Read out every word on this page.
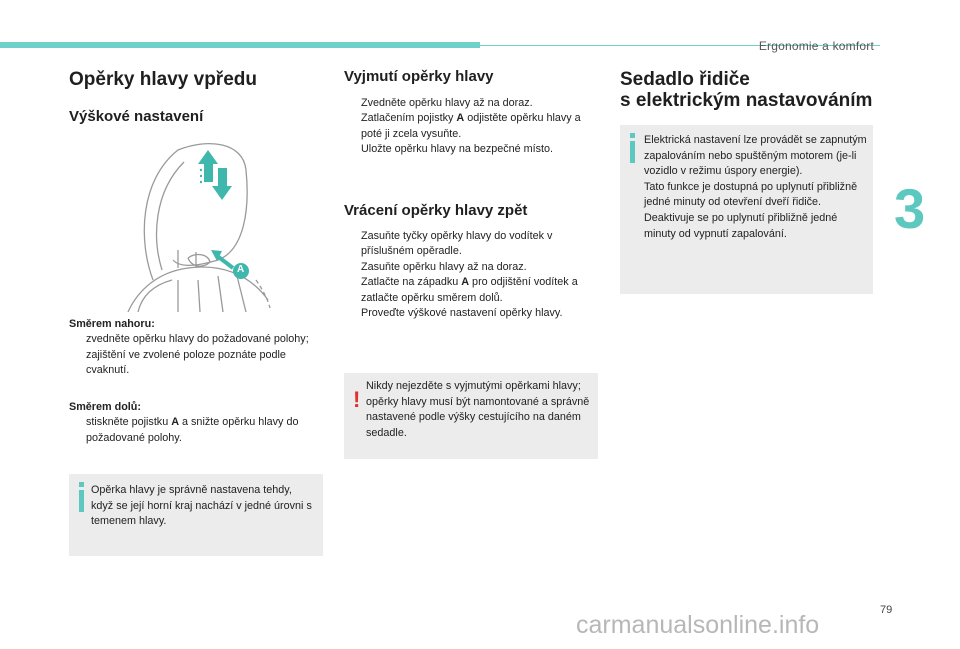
Ergonomie a komfort
3
Opěrky hlavy vpředu
Výškové nastavení
A
Směrem nahoru:
zvedněte opěrku hlavy do požadované polohy; zajištění ve zvolené poloze poznáte podle cvaknutí.
Směrem dolů:
stiskněte pojistku A a snižte opěrku hlavy do požadované polohy.
Opěrka hlavy je správně nastavena tehdy, když se její horní kraj nachází v jedné úrovni s temenem hlavy.
Vyjmutí opěrky hlavy
Zvedněte opěrku hlavy až na doraz.
Zatlačením pojistky A odjistěte opěrku hlavy a poté ji zcela vysuňte.
Uložte opěrku hlavy na bezpečné místo.
Vrácení opěrky hlavy zpět
Zasuňte tyčky opěrky hlavy do vodítek v příslušném opěradle.
Zasuňte opěrku hlavy až na doraz.
Zatlačte na západku A pro odjištění vodítek a zatlačte opěrku směrem dolů.
Proveďte výškové nastavení opěrky hlavy.
!
Nikdy nejezděte s vyjmutými opěrkami hlavy; opěrky hlavy musí být namontované a správně nastavené podle výšky cestujícího na daném sedadle.
Sedadlo řidiče
s elektrickým nastavováním
Elektrická nastavení lze provádět se zapnutým zapalováním nebo spuštěným motorem (je-li vozidlo v režimu úspory energie).
Tato funkce je dostupná po uplynutí přibližně jedné minuty od otevření dveří řidiče. Deaktivuje se po uplynutí přibližně jedné minuty od vypnutí zapalování.
79
carmanualsonline.info
